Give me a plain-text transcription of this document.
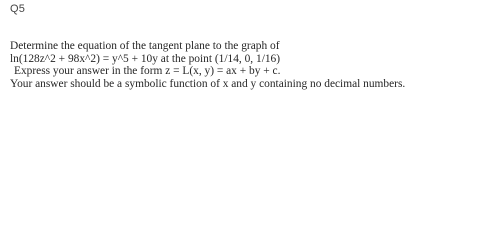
Q5
Determine the equation of the tangent plane to the graph of
ln(128z^2 + 98x^2) = y^5 + 10y at the point (1/14, 0, 1/16)
Express your answer in the form z = L(x, y) = ax + by + c.
Your answer should be a symbolic function of x and y containing no decimal numbers.
